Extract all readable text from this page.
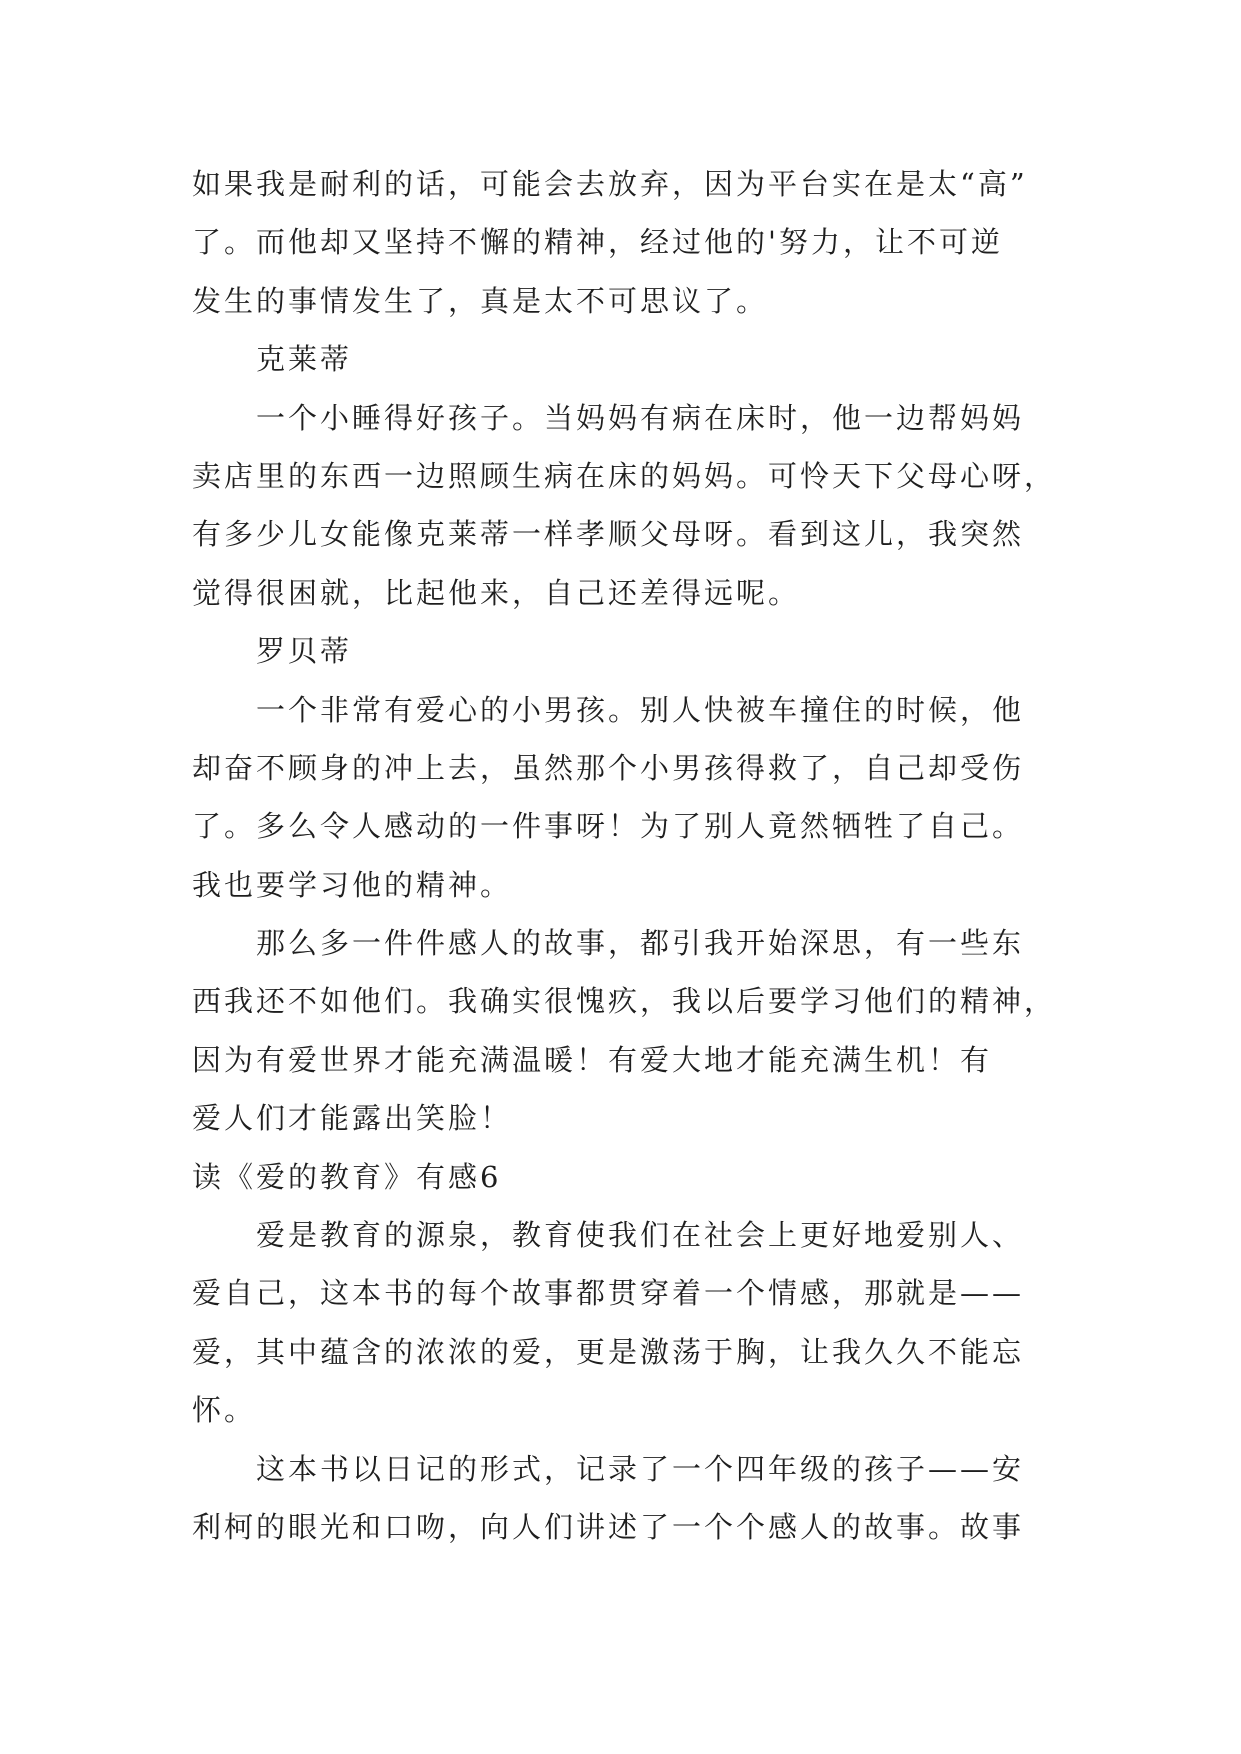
如果我是耐利的话，可能会去放弃，因为平台实在是太“高”
了。而他却又坚持不懈的精神，经过他的'努力，让不可逆
发生的事情发生了，真是太不可思议了。
克莱蒂
一个小睡得好孩子。当妈妈有病在床时，他一边帮妈妈
卖店里的东西一边照顾生病在床的妈妈。可怜天下父母心呀，
有多少儿女能像克莱蒂一样孝顺父母呀。看到这儿，我突然
觉得很困就，比起他来，自己还差得远呢。
罗贝蒂
一个非常有爱心的小男孩。别人快被车撞住的时候，他
却奋不顾身的冲上去，虽然那个小男孩得救了，自己却受伤
了。多么令人感动的一件事呀！为了别人竟然牺牲了自己。
我也要学习他的精神。
那么多一件件感人的故事，都引我开始深思，有一些东
西我还不如他们。我确实很愧疚，我以后要学习他们的精神，
因为有爱世界才能充满温暖！有爱大地才能充满生机！有
爱人们才能露出笑脸！
读《爱的教育》有感6
爱是教育的源泉，教育使我们在社会上更好地爱别人、
爱自己，这本书的每个故事都贯穿着一个情感，那就是——
爱，其中蕴含的浓浓的爱，更是激荡于胸，让我久久不能忘
怀。
这本书以日记的形式，记录了一个四年级的孩子——安
利柯的眼光和口吻，向人们讲述了一个个感人的故事。故事
